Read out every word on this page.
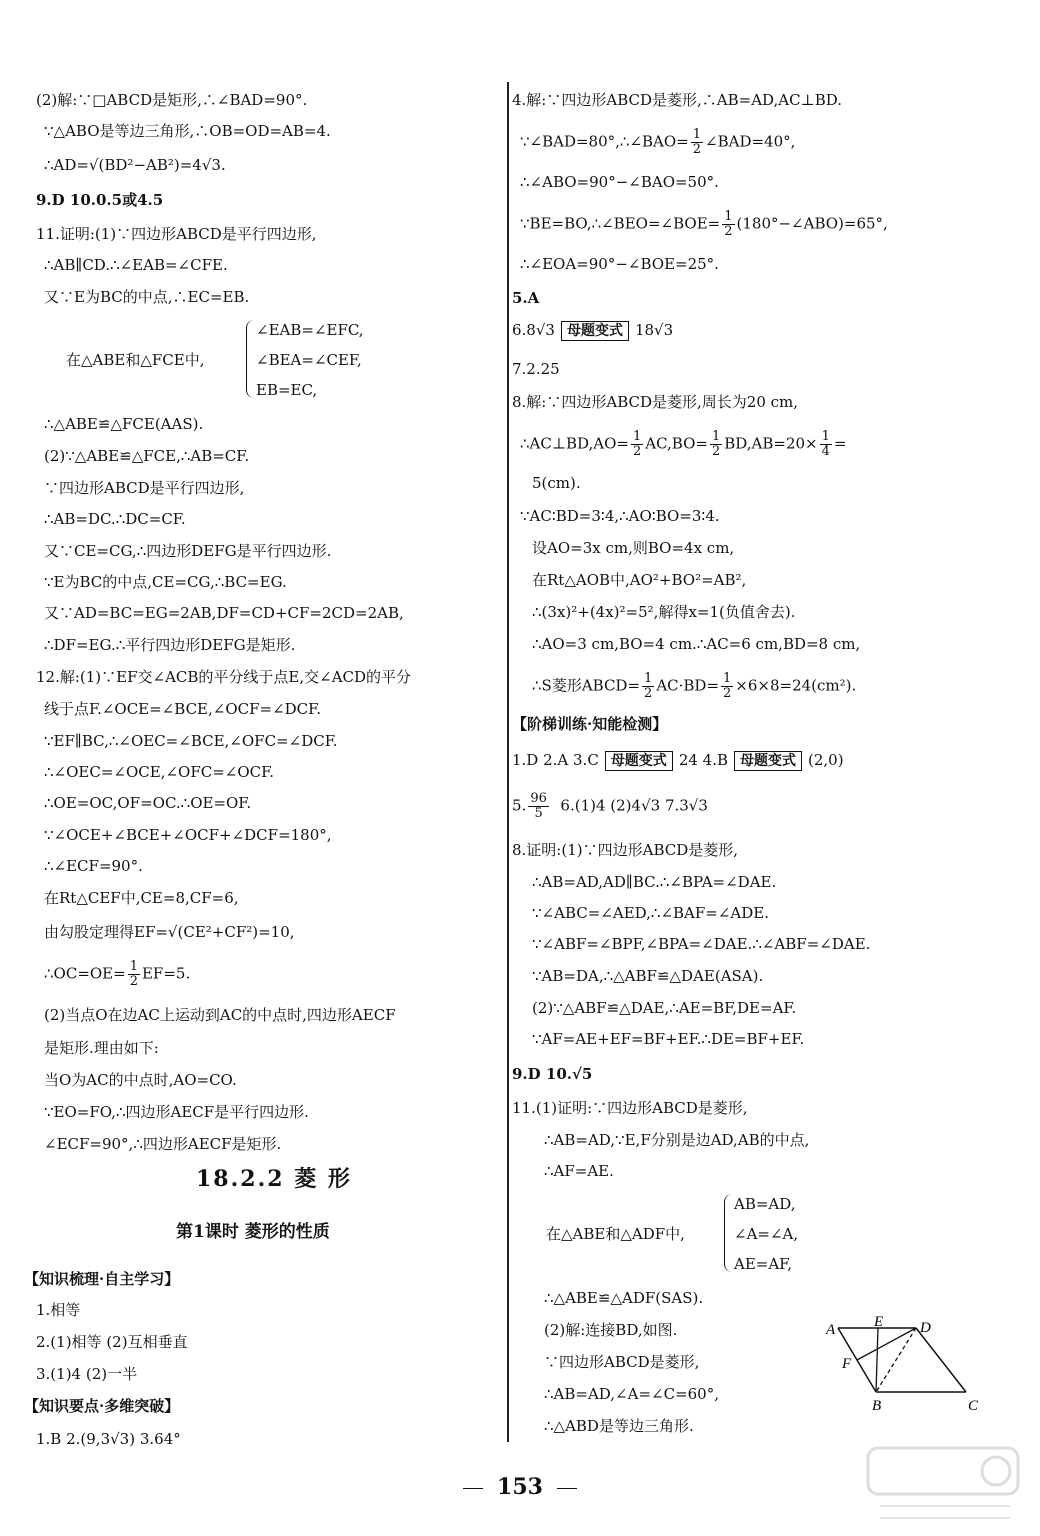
(2)解:∵□ABCD是矩形,∴∠BAD=90°.
∵△ABO是等边三角形,∴OB=OD=AB=4.
∴AD=√(BD²−AB²)=4√3.
9.D 10.0.5或4.5
11.证明:(1)∵四边形ABCD是平行四边形,
∴AB∥CD.∴∠EAB=∠CFE.
又∵E为BC的中点,∴EC=EB.
∠EAB=∠EFC,
在△ABE和△FCE中,	∠BEA=∠CEF,
EB=EC,
∴△ABE≌△FCE(AAS).
(2)∵△ABE≌△FCE,∴AB=CF.
∵四边形ABCD是平行四边形,
∴AB=DC.∴DC=CF.
又∵CE=CG,∴四边形DEFG是平行四边形.
∵E为BC的中点,CE=CG,∴BC=EG.
又∵AD=BC=EG=2AB,DF=CD+CF=2CD=2AB,
∴DF=EG.∴平行四边形DEFG是矩形.
12.解:(1)∵EF交∠ACB的平分线于点E,交∠ACD的平分
线于点F.∠OCE=∠BCE,∠OCF=∠DCF.
∵EF∥BC,∴∠OEC=∠BCE,∠OFC=∠DCF.
∴∠OEC=∠OCE,∠OFC=∠OCF.
∴OE=OC,OF=OC.∴OE=OF.
∵∠OCE+∠BCE+∠OCF+∠DCF=180°,
∴∠ECF=90°.
在Rt△CEF中,CE=8,CF=6,
由勾股定理得EF=√(CE²+CF²)=10,
∴OC=OE= $\frac{1}{2} EF=5$.
(2)当点O在边AC上运动到AC的中点时,四边形AECF
是矩形.理由如下:
当O为AC的中点时,AO=CO.
∵EO=FO,∴四边形AECF是平行四边形.
∠ECF=90°,∴四边形AECF是矩形.
18.2.2 菱 形
第1课时 菱形的性质
【知识梳理·自主学习】
1.相等
2.(1)相等 (2)互相垂直
3.(1)4 (2)一半
【知识要点·多维突破】
1.B 2.(9,3√3) 3.64°
4.解:∵四边形ABCD是菱形,∴AB=AD,AC⊥BD.
∵∠BAD=80°,∴∠BAO= $\frac{1}{2}$ ∠BAD=40°,
∴∠ABO=90°−∠BAO=50°.
∵BE=BO,∴∠BEO=∠BOE= $\frac{1}{2}$ (180°−∠ABO)=65°,
∴∠EOA=90°−∠BOE=25°.
5.A
6.8√3 母题变式 18√3
7.2.25
8.解:∵四边形ABCD是菱形,周长为20 cm,
∴AC⊥BD,AO= $\frac{1}{2} AC,BO= \frac{1}{2} BD,AB=20\times \frac{1}{4}$ =
5(cm).
∵AC∶BD=3∶4,∴AO∶BO=3∶4.
设AO=3x cm,则BO=4x cm,
在Rt△AOB中,AO²+BO²=AB²,
∴(3x)²+(4x)²=5²,解得x=1(负值舍去).
∴AO=3 cm,BO=4 cm.∴AC=6 cm,BD=8 cm,
∴S菱形ABCD= $\frac{1}{2} AC\cdot BD= \frac{1}{2} \times 6\times 8=24(cm^2)$.
【阶梯训练·知能检测】
1.D 2.A 3.C 母题变式 24 4.B 母题变式 (2,0)
5. $\frac{96}{5} 6.(1)4$ (2)4√3 7.3√3
8.证明:(1)∵四边形ABCD是菱形,
∴AB=AD,AD∥BC.∴∠BPA=∠DAE.
∵∠ABC=∠AED,∴∠BAF=∠ADE.
∵∠ABF=∠BPF,∠BPA=∠DAE.∴∠ABF=∠DAE.
∵AB=DA,∴△ABF≌△DAE(ASA).
(2)∵△ABF≌△DAE,∴AE=BF,DE=AF.
∵AF=AE+EF=BF+EF.∴DE=BF+EF.
9.D 10.√5
11.(1)证明:∵四边形ABCD是菱形,
∴AB=AD,∵E,F分别是边AD,AB的中点,
∴AF=AE.
AB=AD,
在△ABE和△ADF中,	∠A=∠A,
AE=AF,
∴△ABE≌△ADF(SAS).
(2)解:连接BD,如图.
∵四边形ABCD是菱形,
∴AB=AD,∠A=∠C=60°,
∴△ABD是等边三角形.
A	E D
F
B	C
153
